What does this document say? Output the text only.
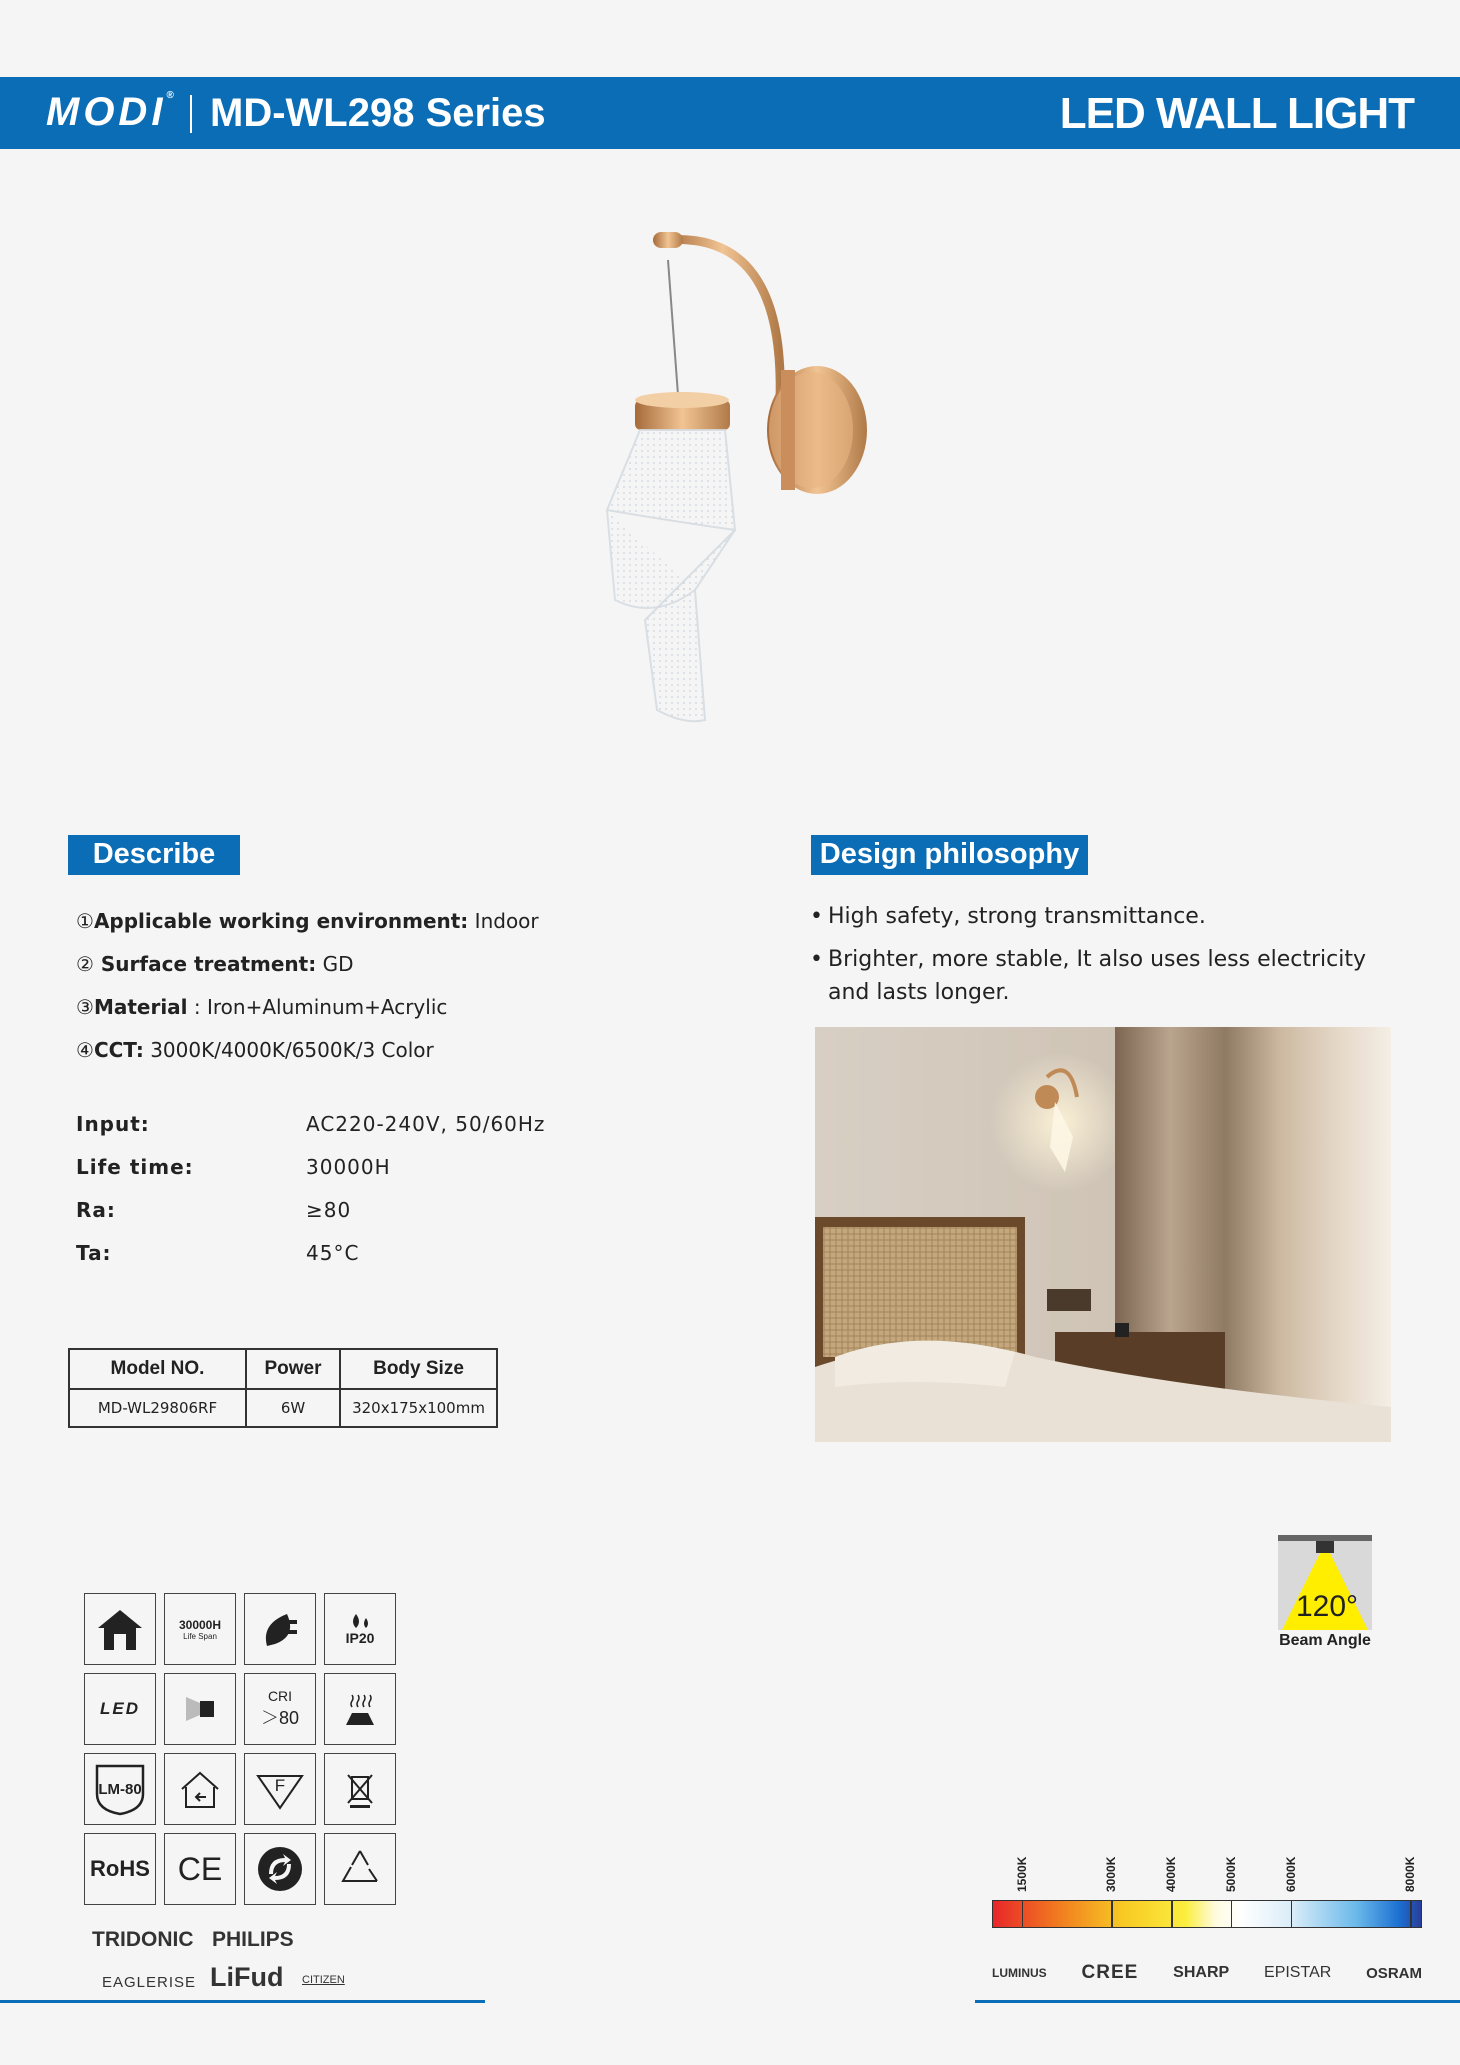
MODI® MD-WL298 Series	LED WALL LIGHT
Describe
①Applicable working environment: Indoor
② Surface treatment: GD
③Material : Iron+Aluminum+Acrylic
④CCT: 3000K/4000K/6500K/3 Color
Input:	AC220-240V, 50/60Hz
Life time:	30000H
Ra:	≥80
Ta:	45°C
Model NO.	Power	Body Size
MD-WL29806RF	6W	320x175x100mm
Design philosophy
• High safety, strong transmittance.
• Brighter, more stable, It also uses less electricity and lasts longer.
30000H
Life Span	IP20
LED
CRI
＞80
LM-80	F
RoHS CE
TRIDONIC PHILIPS
EAGLERISE LiFud CITIZEN
120°
Beam Angle
1500K	3000K	4000K	5000K	6000K	8000K
LUMINUS CREE SHARP EPISTAR OSRAM
